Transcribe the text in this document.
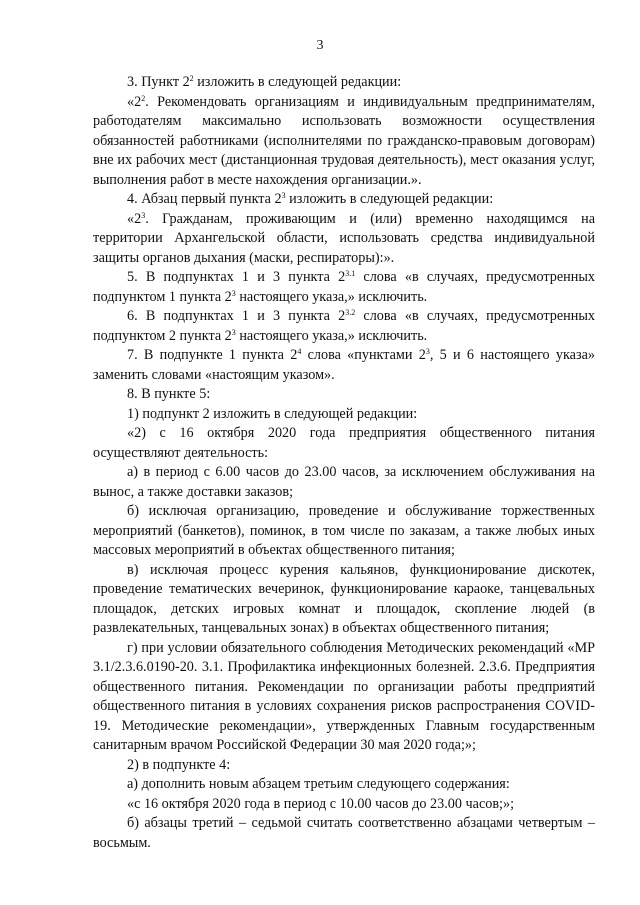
3

3. Пункт $2^2$ изложить в следующей редакции:

«$2^2$. Рекомендовать организациям и индивидуальным предпринимателям, работодателям максимально использовать возможности осуществления обязанностей работниками (исполнителями по гражданско-правовым договорам) вне их рабочих мест (дистанционная трудовая деятельность), мест оказания услуг, выполнения работ в месте нахождения организации.».

4. Абзац первый пункта $2^3$ изложить в следующей редакции:

«$2^3$. Гражданам, проживающим и (или) временно находящимся на территории Архангельской области, использовать средства индивидуальной защиты органов дыхания (маски, респираторы):».

5. В подпунктах 1 и 3 пункта $2^{3.1}$ слова «в случаях, предусмотренных подпунктом 1 пункта $2^3$ настоящего указа,» исключить.

6. В подпунктах 1 и 3 пункта $2^{3.2}$ слова «в случаях, предусмотренных подпунктом 2 пункта $2^3$ настоящего указа,» исключить.

7. В подпункте 1 пункта $2^4$ слова «пунктами $2^3$, 5 и 6 настоящего указа» заменить словами «настоящим указом».

8. В пункте 5:

1) подпункт 2 изложить в следующей редакции:

«2) с 16 октября 2020 года предприятия общественного питания осуществляют деятельность:

а) в период с 6.00 часов до 23.00 часов, за исключением обслуживания на вынос, а также доставки заказов;

б) исключая организацию, проведение и обслуживание торжественных мероприятий (банкетов), поминок, в том числе по заказам, а также любых иных массовых мероприятий в объектах общественного питания;

в) исключая процесс курения кальянов, функционирование дискотек, проведение тематических вечеринок, функционирование караоке, танцевальных площадок, детских игровых комнат и площадок, скопление людей (в развлекательных, танцевальных зонах) в объектах общественного питания;

г) при условии обязательного соблюдения Методических рекомендаций «МР 3.1/2.3.6.0190-20. 3.1. Профилактика инфекционных болезней. 2.3.6. Предприятия общественного питания. Рекомендации по организации работы предприятий общественного питания в условиях сохранения рисков распространения COVID-19. Методические рекомендации», утвержденных Главным государственным санитарным врачом Российской Федерации 30 мая 2020 года;»;

2) в подпункте 4:

а) дополнить новым абзацем третьим следующего содержания:

«с 16 октября 2020 года в период с 10.00 часов до 23.00 часов;»;

б) абзацы третий – седьмой считать соответственно абзацами четвертым – восьмым.
